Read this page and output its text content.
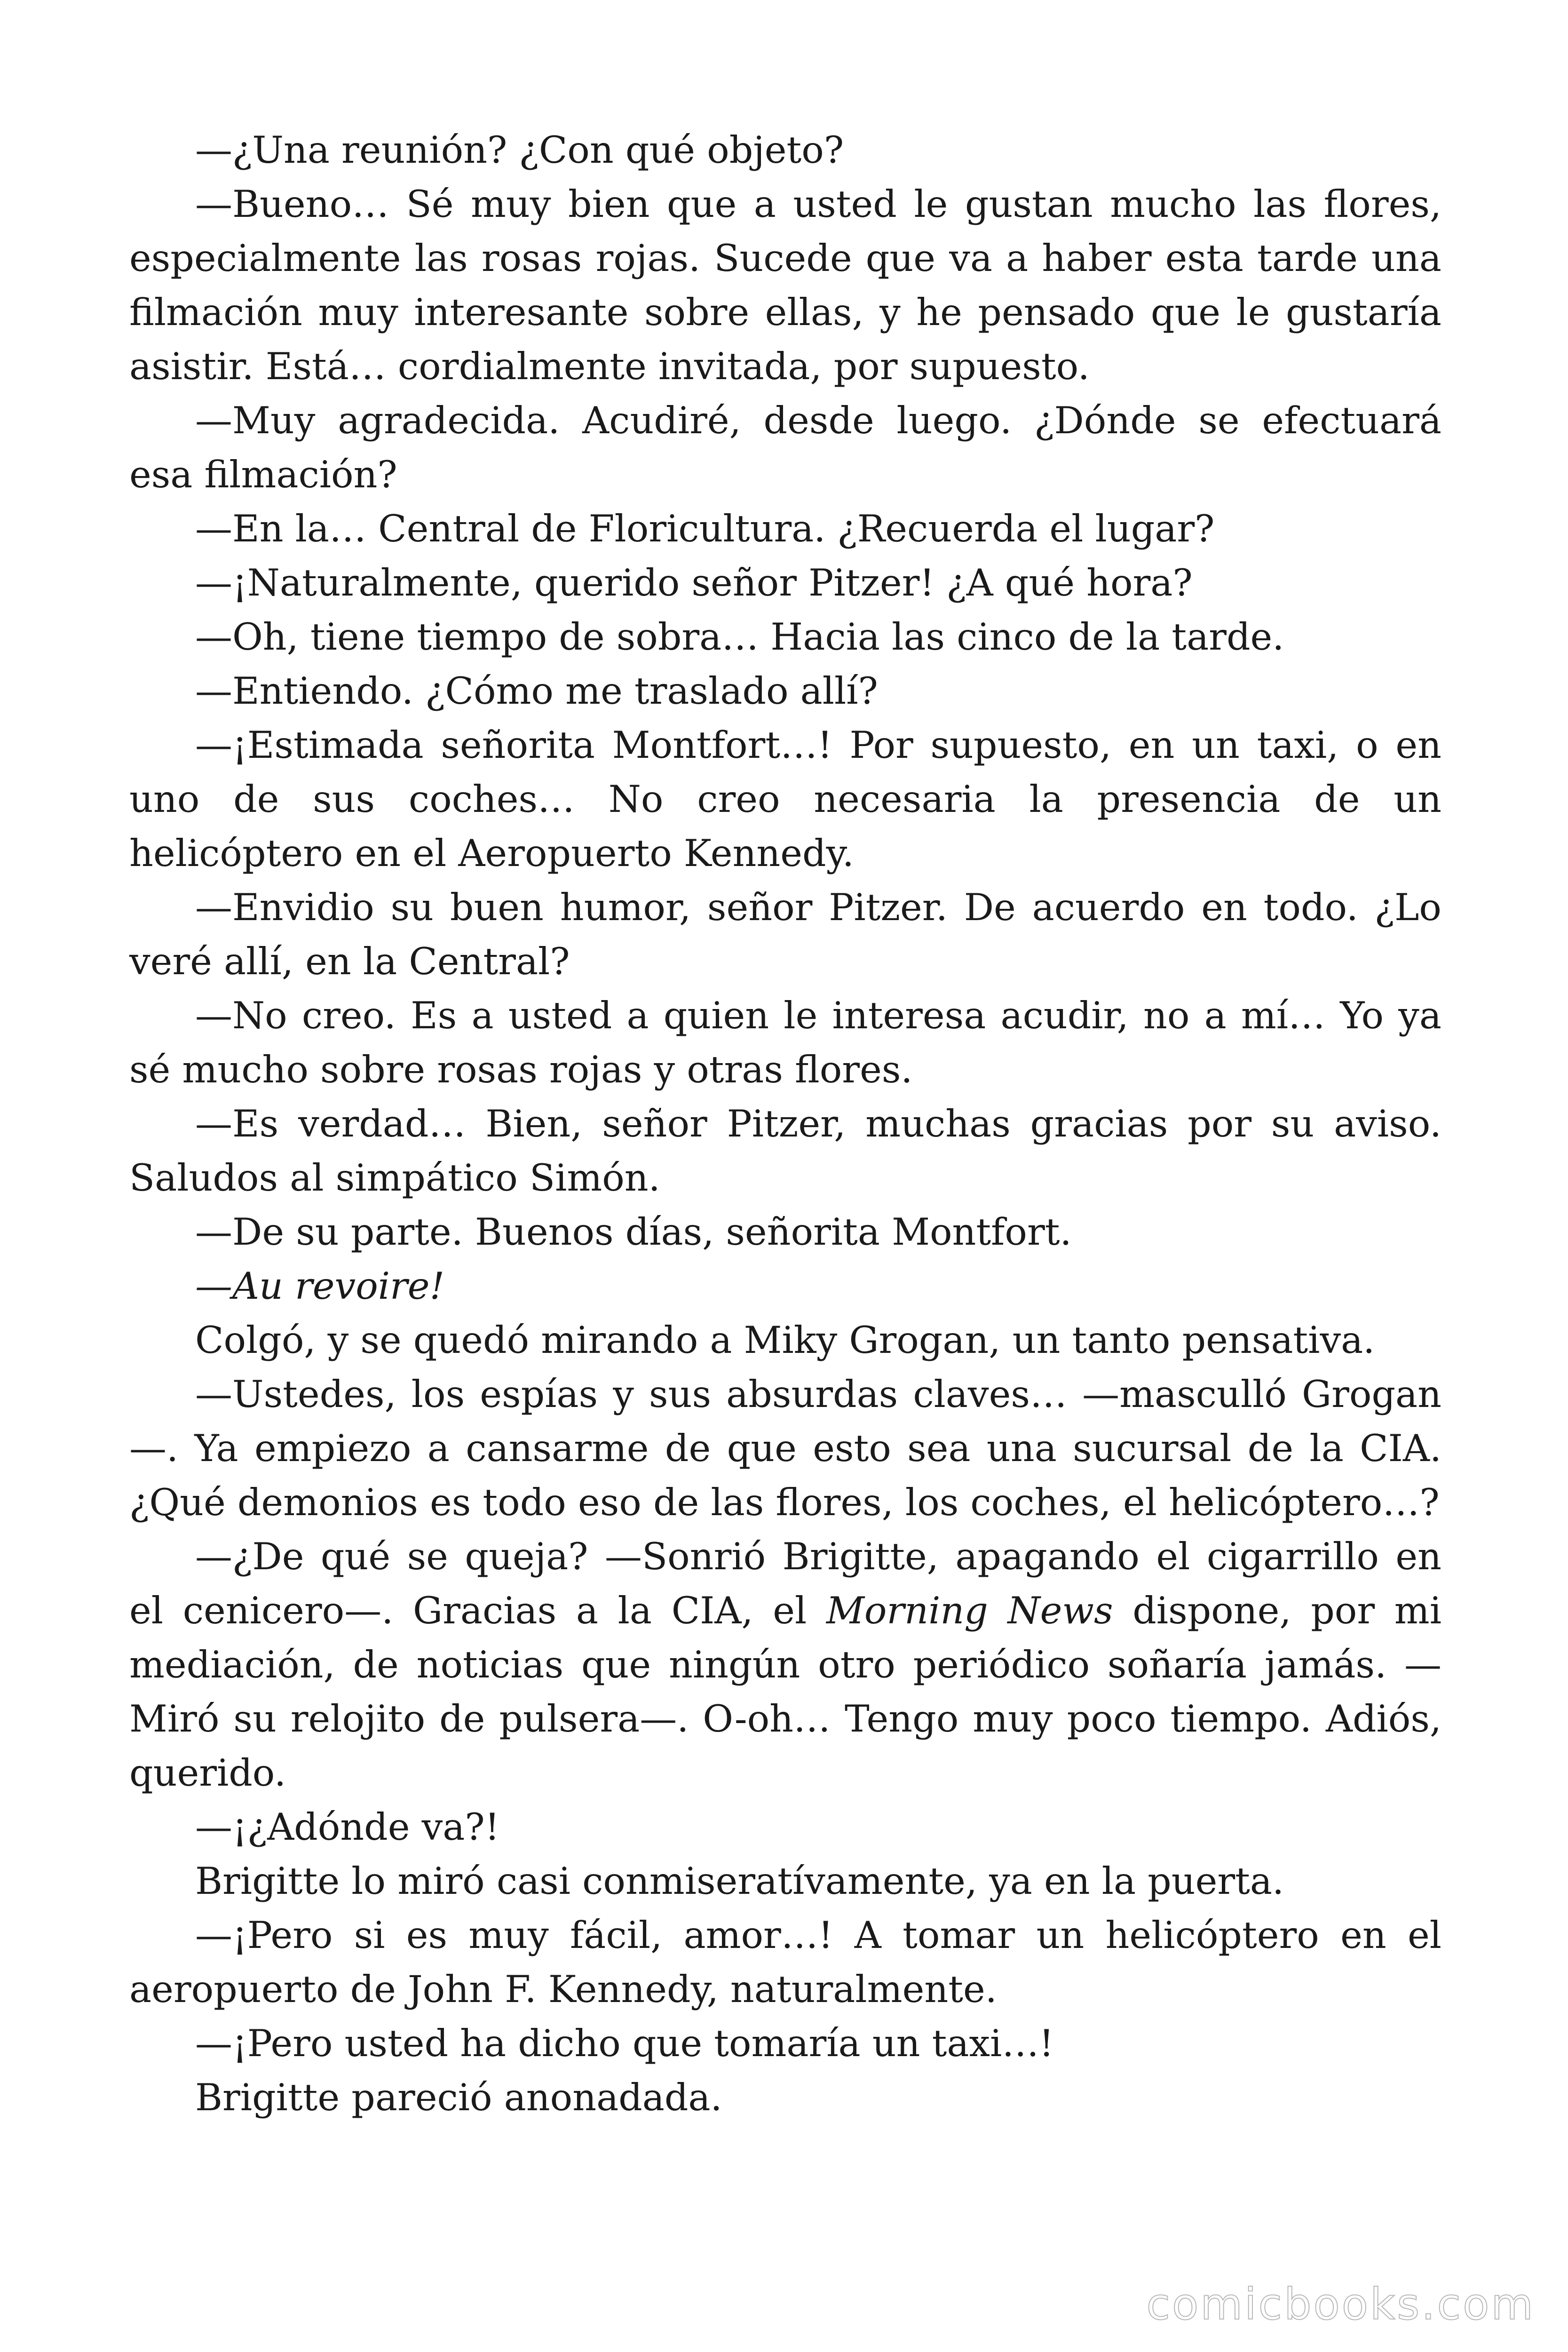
—¿Una reunión? ¿Con qué objeto?

—Bueno… Sé muy bien que a usted le gustan mucho las flores, especialmente las rosas rojas. Sucede que va a haber esta tarde una filmación muy interesante sobre ellas, y he pensado que le gustaría asistir. Está… cordialmente invitada, por supuesto.

—Muy agradecida. Acudiré, desde luego. ¿Dónde se efectuará esa filmación?

—En la… Central de Floricultura. ¿Recuerda el lugar?

—¡Naturalmente, querido señor Pitzer! ¿A qué hora?

—Oh, tiene tiempo de sobra… Hacia las cinco de la tarde.

—Entiendo. ¿Cómo me traslado allí?

—¡Estimada señorita Montfort…! Por supuesto, en un taxi, o en uno de sus coches… No creo necesaria la presencia de un helicóptero en el Aeropuerto Kennedy.

—Envidio su buen humor, señor Pitzer. De acuerdo en todo. ¿Lo veré allí, en la Central?

—No creo. Es a usted a quien le interesa acudir, no a mí… Yo ya sé mucho sobre rosas rojas y otras flores.

—Es verdad… Bien, señor Pitzer, muchas gracias por su aviso. Saludos al simpático Simón.

—De su parte. Buenos días, señorita Montfort.

—Au revoire!

Colgó, y se quedó mirando a Miky Grogan, un tanto pensativa.

—Ustedes, los espías y sus absurdas claves… —masculló Grogan —. Ya empiezo a cansarme de que esto sea una sucursal de la CIA. ¿Qué demonios es todo eso de las flores, los coches, el helicóptero…?

—¿De qué se queja? —Sonrió Brigitte, apagando el cigarrillo en el cenicero—. Gracias a la CIA, el Morning News dispone, por mi mediación, de noticias que ningún otro periódico soñaría jamás. — Miró su relojito de pulsera—. O-oh… Tengo muy poco tiempo. Adiós, querido.

—¡¿Adónde va?!

Brigitte lo miró casi conmiseratívamente, ya en la puerta.

—¡Pero si es muy fácil, amor…! A tomar un helicóptero en el aeropuerto de John F. Kennedy, naturalmente.

—¡Pero usted ha dicho que tomaría un taxi…!

Brigitte pareció anonadada.

comicbooks.com
